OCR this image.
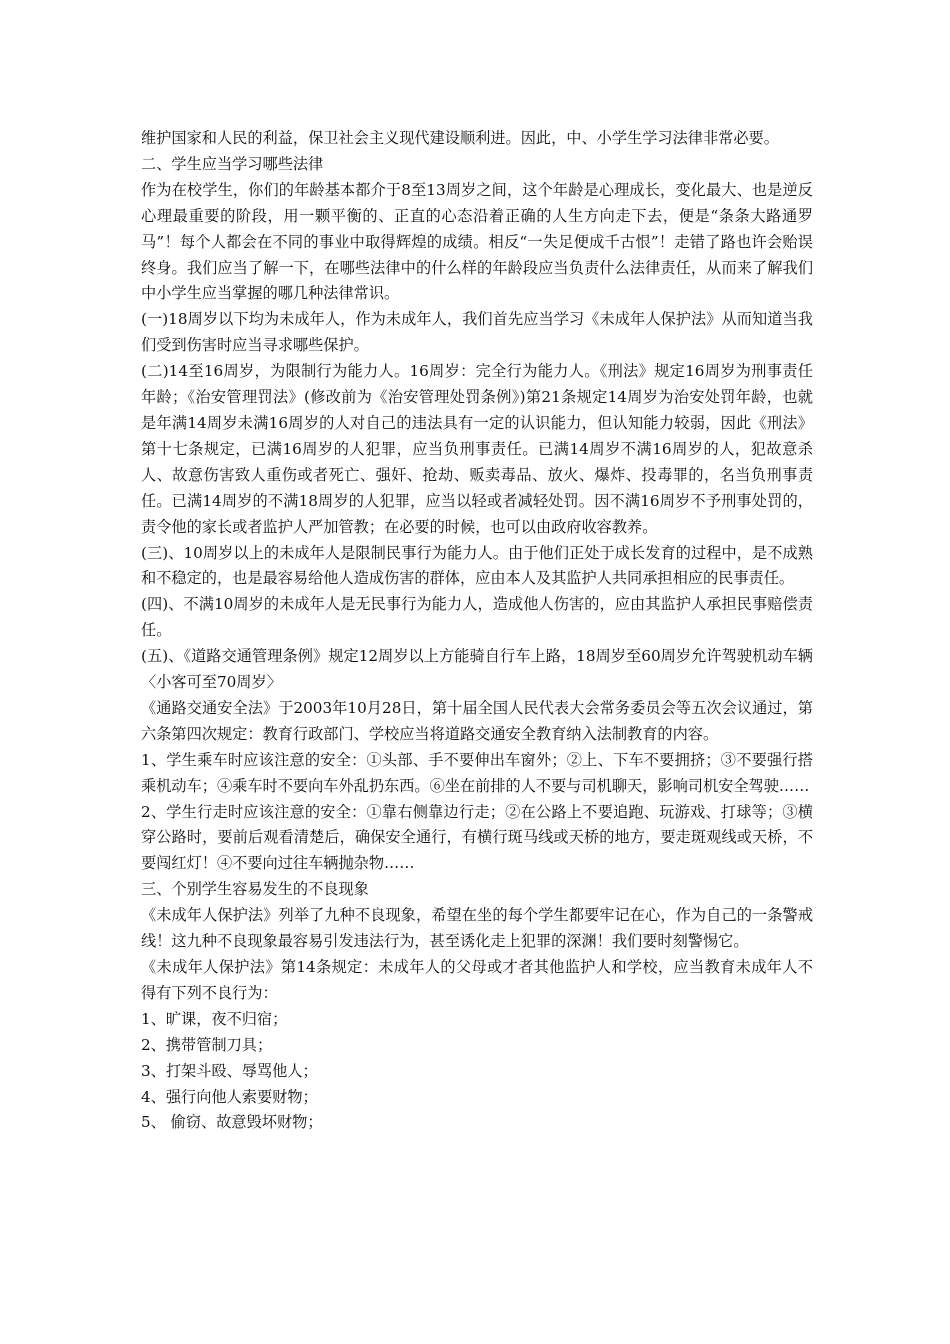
维护国家和人民的利益，保卫社会主义现代建设顺利进。因此，中、小学生学习法律非常必要。

二、学生应当学习哪些法律

作为在校学生，你们的年龄基本都介于8至13周岁之间，这个年龄是心理成长，变化最大、也是逆反心理最重要的阶段，用一颗平衡的、正直的心态沿着正确的人生方向走下去，便是“条条大路通罗马”！每个人都会在不同的事业中取得辉煌的成绩。相反“一失足便成千古恨”！走错了路也许会贻误终身。我们应当了解一下，在哪些法律中的什么样的年龄段应当负责什么法律责任，从而来了解我们中小学生应当掌握的哪几种法律常识。

(一)18周岁以下均为未成年人，作为未成年人，我们首先应当学习《未成年人保护法》从而知道当我们受到伤害时应当寻求哪些保护。

(二)14至16周岁，为限制行为能力人。16周岁：完全行为能力人。《刑法》规定16周岁为刑事责任年龄；《治安管理罚法》(修改前为《治安管理处罚条例》)第21条规定14周岁为治安处罚年龄，也就是年满14周岁未满16周岁的人对自己的违法具有一定的认识能力，但认知能力较弱，因此《刑法》第十七条规定，已满16周岁的人犯罪，应当负刑事责任。已满14周岁不满16周岁的人，犯故意杀人、故意伤害致人重伤或者死亡、强奸、抢劫、贩卖毒品、放火、爆炸、投毒罪的，名当负刑事责任。已满14周岁的不满18周岁的人犯罪，应当以轻或者减轻处罚。因不满16周岁不予刑事处罚的，责令他的家长或者监护人严加管教；在必要的时候，也可以由政府收容教养。

(三)、10周岁以上的未成年人是限制民事行为能力人。由于他们正处于成长发育的过程中，是不成熟和不稳定的，也是最容易给他人造成伤害的群体，应由本人及其监护人共同承担相应的民事责任。

(四)、不满10周岁的未成年人是无民事行为能力人，造成他人伤害的，应由其监护人承担民事赔偿责任。

(五)、《道路交通管理条例》规定12周岁以上方能骑自行车上路，18周岁至60周岁允许驾驶机动车辆〈小客可至70周岁〉

《通路交通安全法》于2003年10月28日，第十届全国人民代表大会常务委员会等五次会议通过，第六条第四次规定：教育行政部门、学校应当将道路交通安全教育纳入法制教育的内容。

1、学生乘车时应该注意的安全：①头部、手不要伸出车窗外；②上、下车不要拥挤；③不要强行搭乘机动车；④乘车时不要向车外乱扔东西。⑥坐在前排的人不要与司机聊天，影响司机安全驾驶……

2、学生行走时应该注意的安全：①靠右侧靠边行走；②在公路上不要追跑、玩游戏、打球等；③横穿公路时，要前后观看清楚后，确保安全通行，有横行斑马线或天桥的地方，要走斑观线或天桥，不要闯红灯！④不要向过往车辆抛杂物……

三、个别学生容易发生的不良现象

《未成年人保护法》列举了九种不良现象，希望在坐的每个学生都要牢记在心，作为自己的一条警戒线！这九种不良现象最容易引发违法行为，甚至诱化走上犯罪的深渊！我们要时刻警惕它。

《未成年人保护法》第14条规定：未成年人的父母或才者其他监护人和学校，应当教育未成年人不得有下列不良行为：

1、旷课，夜不归宿；

2、携带管制刀具；

3、打架斗殴、辱骂他人；

4、强行向他人索要财物；

5、 偷窃、故意毁坏财物；
